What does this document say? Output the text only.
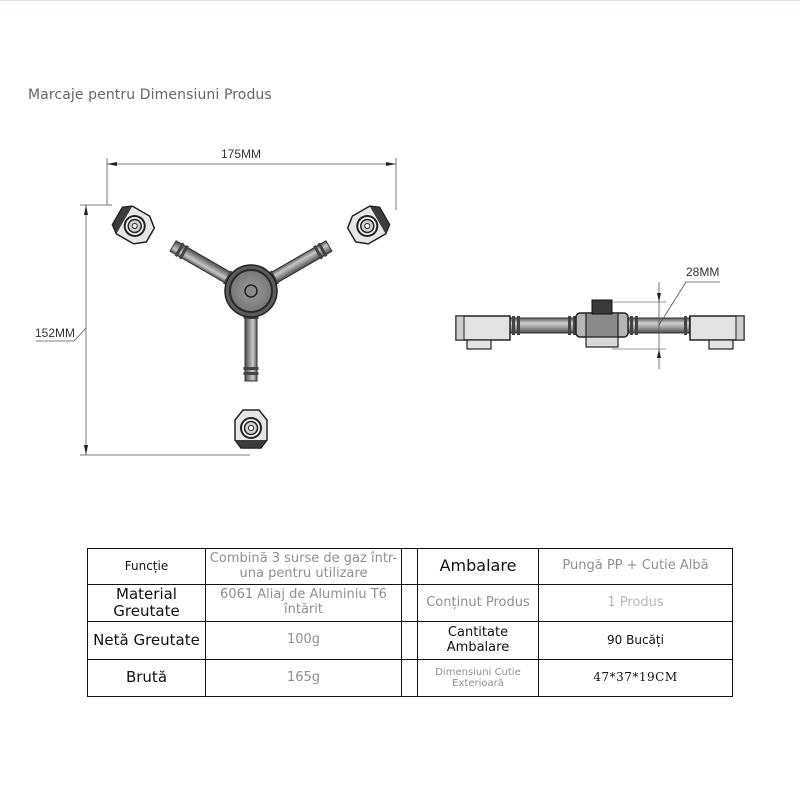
Marcaje pentru Dimensiuni Produs
175MM
152MM
28MM
Funcție	Combină 3 surse de gaz într-una pentru utilizare		Ambalare	Pungă PP + Cutie Albă
Material Greutate	6061 Aliaj de Aluminiu T6 întărit		Conținut Produs	1 Produs
Netă Greutate	100g		Cantitate Ambalare	90 Bucăți
Brută	165g		Dimensiuni Cutie Exterioară	47*37*19CM
